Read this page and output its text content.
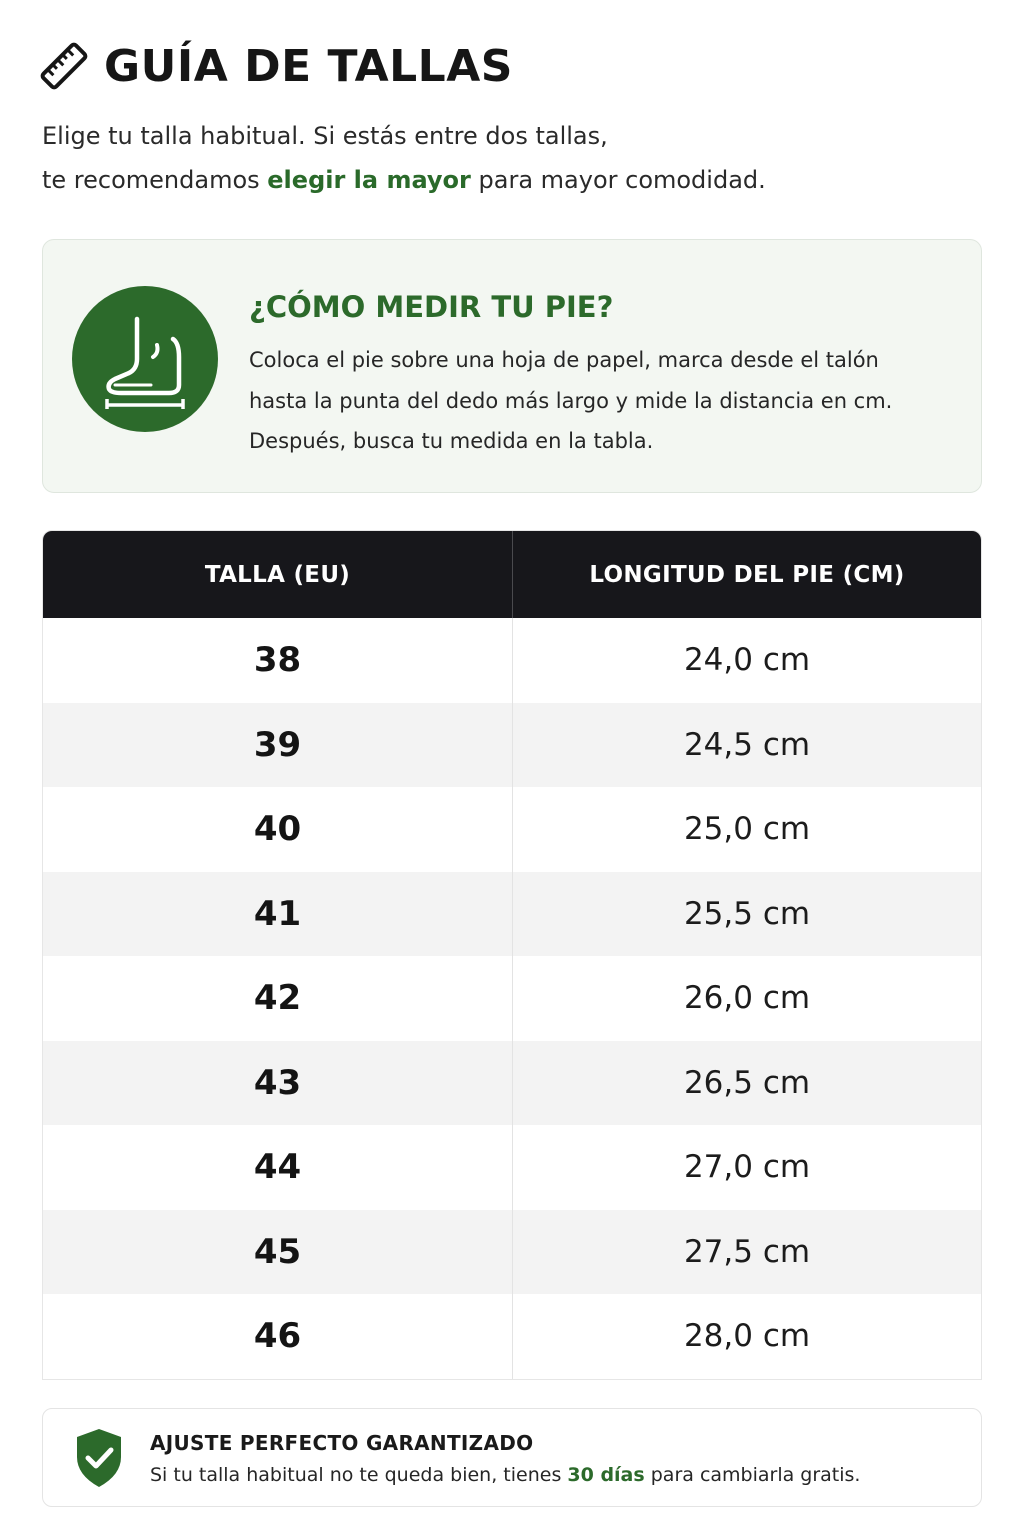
GUÍA DE TALLAS
Elige tu talla habitual. Si estás entre dos tallas,
te recomendamos elegir la mayor para mayor comodidad.
¿CÓMO MEDIR TU PIE?
Coloca el pie sobre una hoja de papel, marca desde el talón
hasta la punta del dedo más largo y mide la distancia en cm.
Después, busca tu medida en la tabla.
TALLA (EU)	LONGITUD DEL PIE (CM)
38	24,0 cm
39	24,5 cm
40	25,0 cm
41	25,5 cm
42	26,0 cm
43	26,5 cm
44	27,0 cm
45	27,5 cm
46	28,0 cm
AJUSTE PERFECTO GARANTIZADO
Si tu talla habitual no te queda bien, tienes 30 días para cambiarla gratis.
